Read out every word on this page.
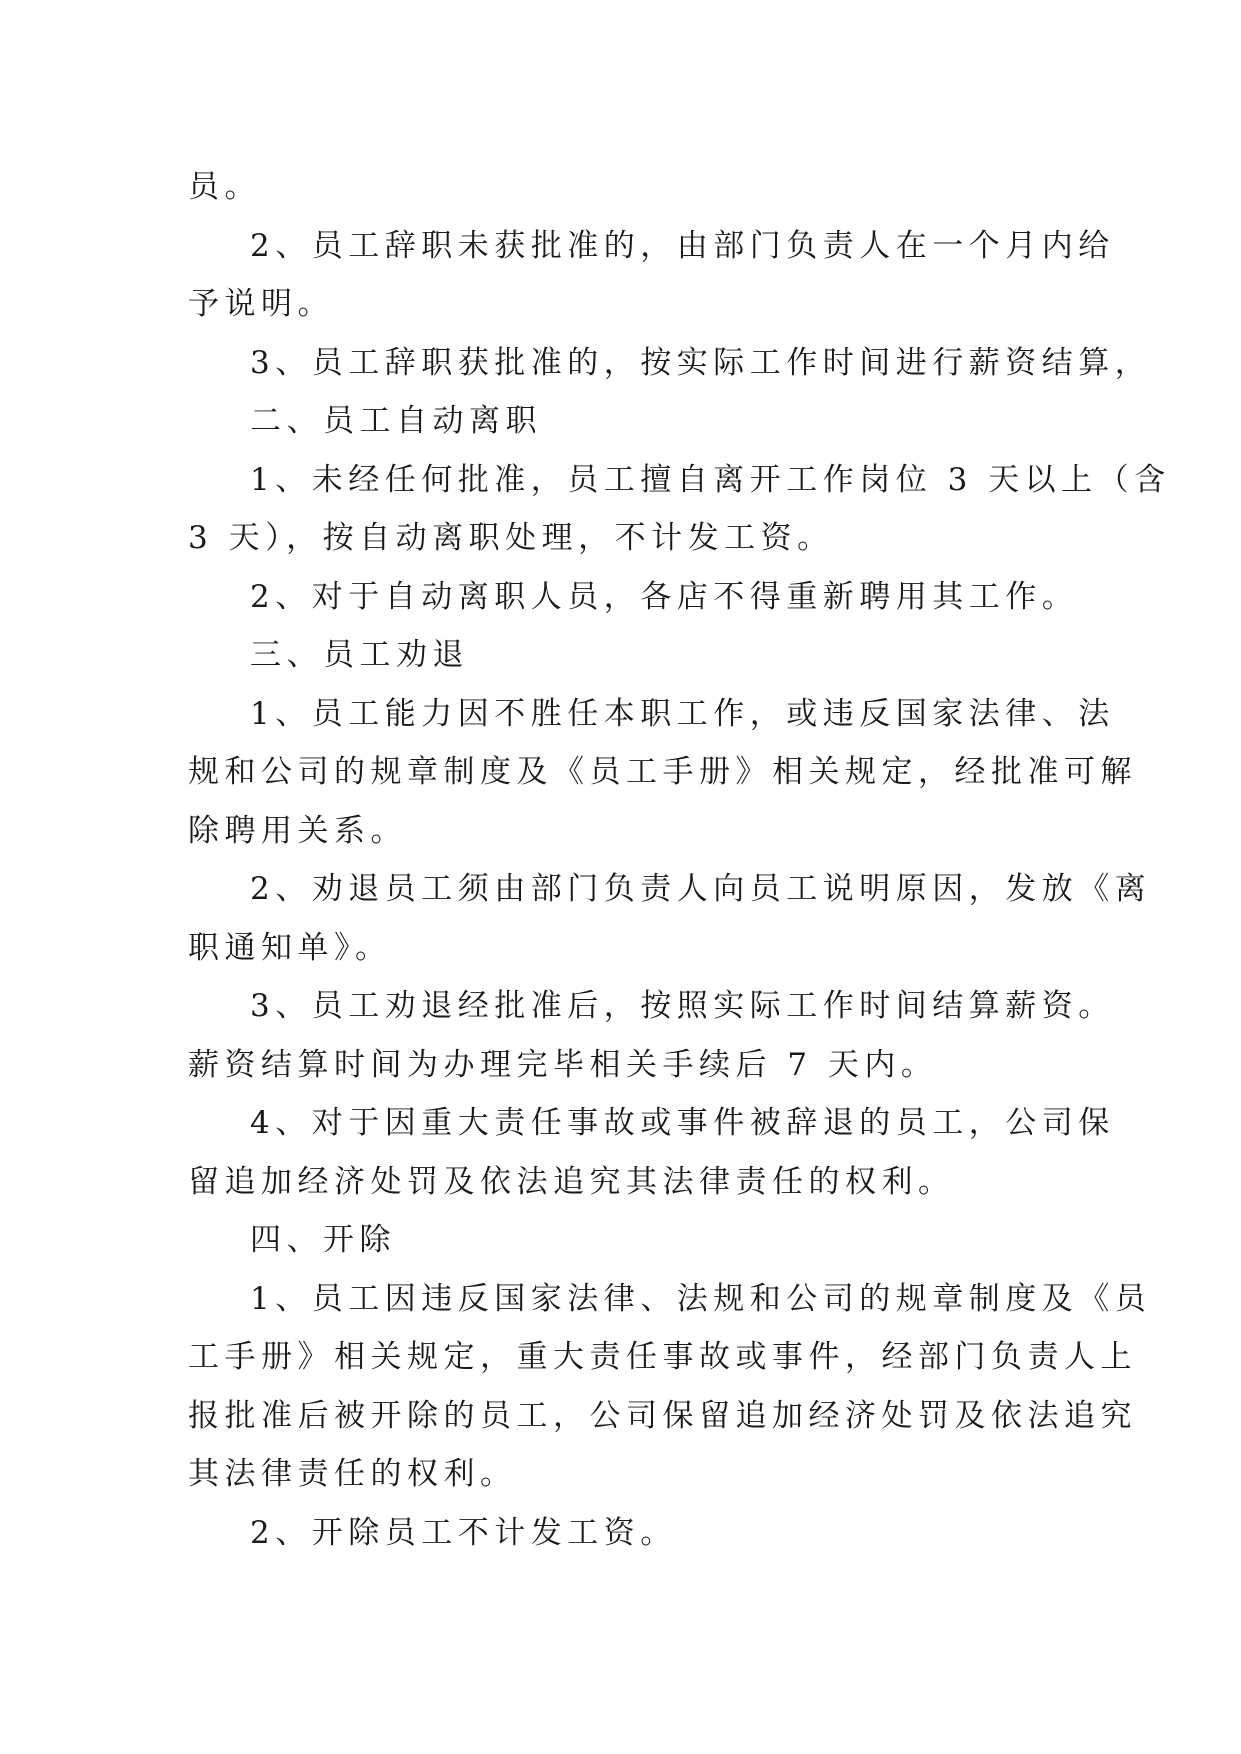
员。
2、员工辞职未获批准的，由部门负责人在一个月内给
予说明。
3、员工辞职获批准的，按实际工作时间进行薪资结算，
二、员工自动离职
1、未经任何批准，员工擅自离开工作岗位 3 天以上（含
3 天），按自动离职处理，不计发工资。
2、对于自动离职人员，各店不得重新聘用其工作。
三、员工劝退
1、员工能力因不胜任本职工作，或违反国家法律、法
规和公司的规章制度及《员工手册》相关规定，经批准可解
除聘用关系。
2、劝退员工须由部门负责人向员工说明原因，发放《离
职通知单》。
3、员工劝退经批准后，按照实际工作时间结算薪资。
薪资结算时间为办理完毕相关手续后 7 天内。
4、对于因重大责任事故或事件被辞退的员工，公司保
留追加经济处罚及依法追究其法律责任的权利。
四、开除
1、员工因违反国家法律、法规和公司的规章制度及《员
工手册》相关规定，重大责任事故或事件，经部门负责人上
报批准后被开除的员工，公司保留追加经济处罚及依法追究
其法律责任的权利。
2、开除员工不计发工资。
